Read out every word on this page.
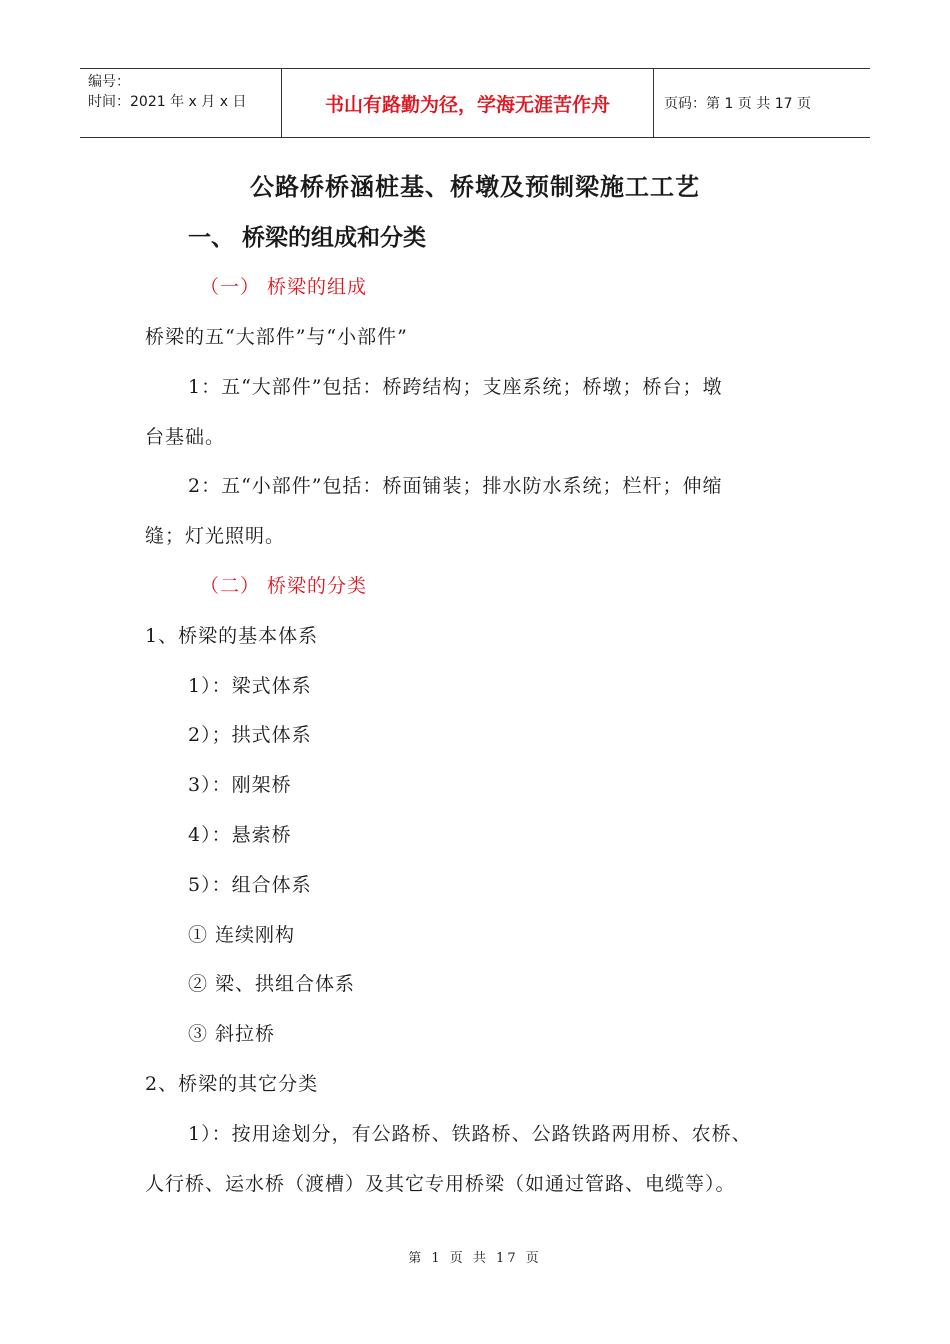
编号：
时间：2021 年 x 月 x 日	书山有路勤为径，学海无涯苦作舟	页码：第 1 页 共 17 页
公路桥桥涵桩基、桥墩及预制梁施工工艺
一、 桥梁的组成和分类
（一） 桥梁的组成
桥梁的五“大部件”与“小部件”
1：五“大部件”包括：桥跨结构；支座系统；桥墩；桥台；墩
台基础。
2：五“小部件”包括：桥面铺装；排水防水系统；栏杆；伸缩
缝；灯光照明。
（二） 桥梁的分类
1、桥梁的基本体系
1）：梁式体系
2）；拱式体系
3）：刚架桥
4）：悬索桥
5）：组合体系
① 连续刚构
② 梁、拱组合体系
③ 斜拉桥
2、桥梁的其它分类
1）：按用途划分，有公路桥、铁路桥、公路铁路两用桥、农桥、
人行桥、运水桥（渡槽）及其它专用桥梁（如通过管路、电缆等）。
第 1 页 共 17 页
